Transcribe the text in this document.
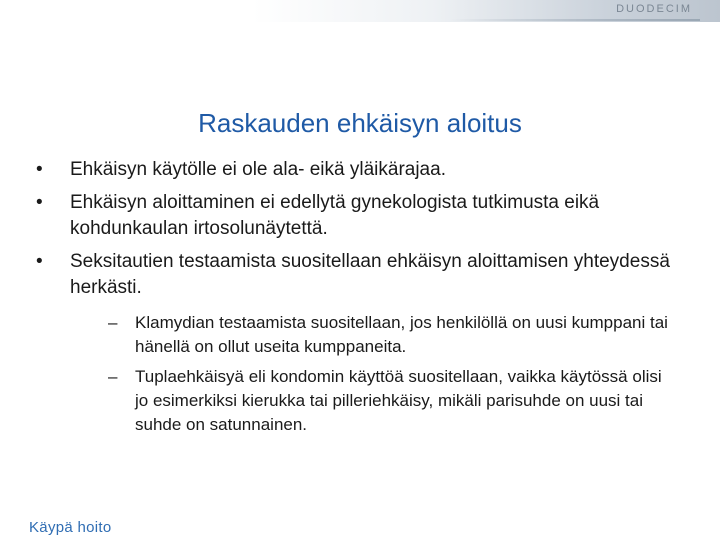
DUODECIM
Raskauden ehkäisyn aloitus
•	Ehkäisyn käytölle ei ole ala- eikä yläikärajaa.
•	Ehkäisyn aloittaminen ei edellytä gynekologista tutkimusta eikä kohdunkaulan irtosolunäytettä.
•	Seksitautien testaamista suositellaan ehkäisyn aloittamisen yhteydessä herkästi.
– Klamydian testaamista suositellaan, jos henkilöllä on uusi kumppani tai hänellä on ollut useita kumppaneita.
– Tuplaehkäisyä eli kondomin käyttöä suositellaan, vaikka käytössä olisi jo esimerkiksi kierukka tai pilleriehkäisy, mikäli parisuhde on uusi tai suhde on satunnainen.
Käypä hoito
